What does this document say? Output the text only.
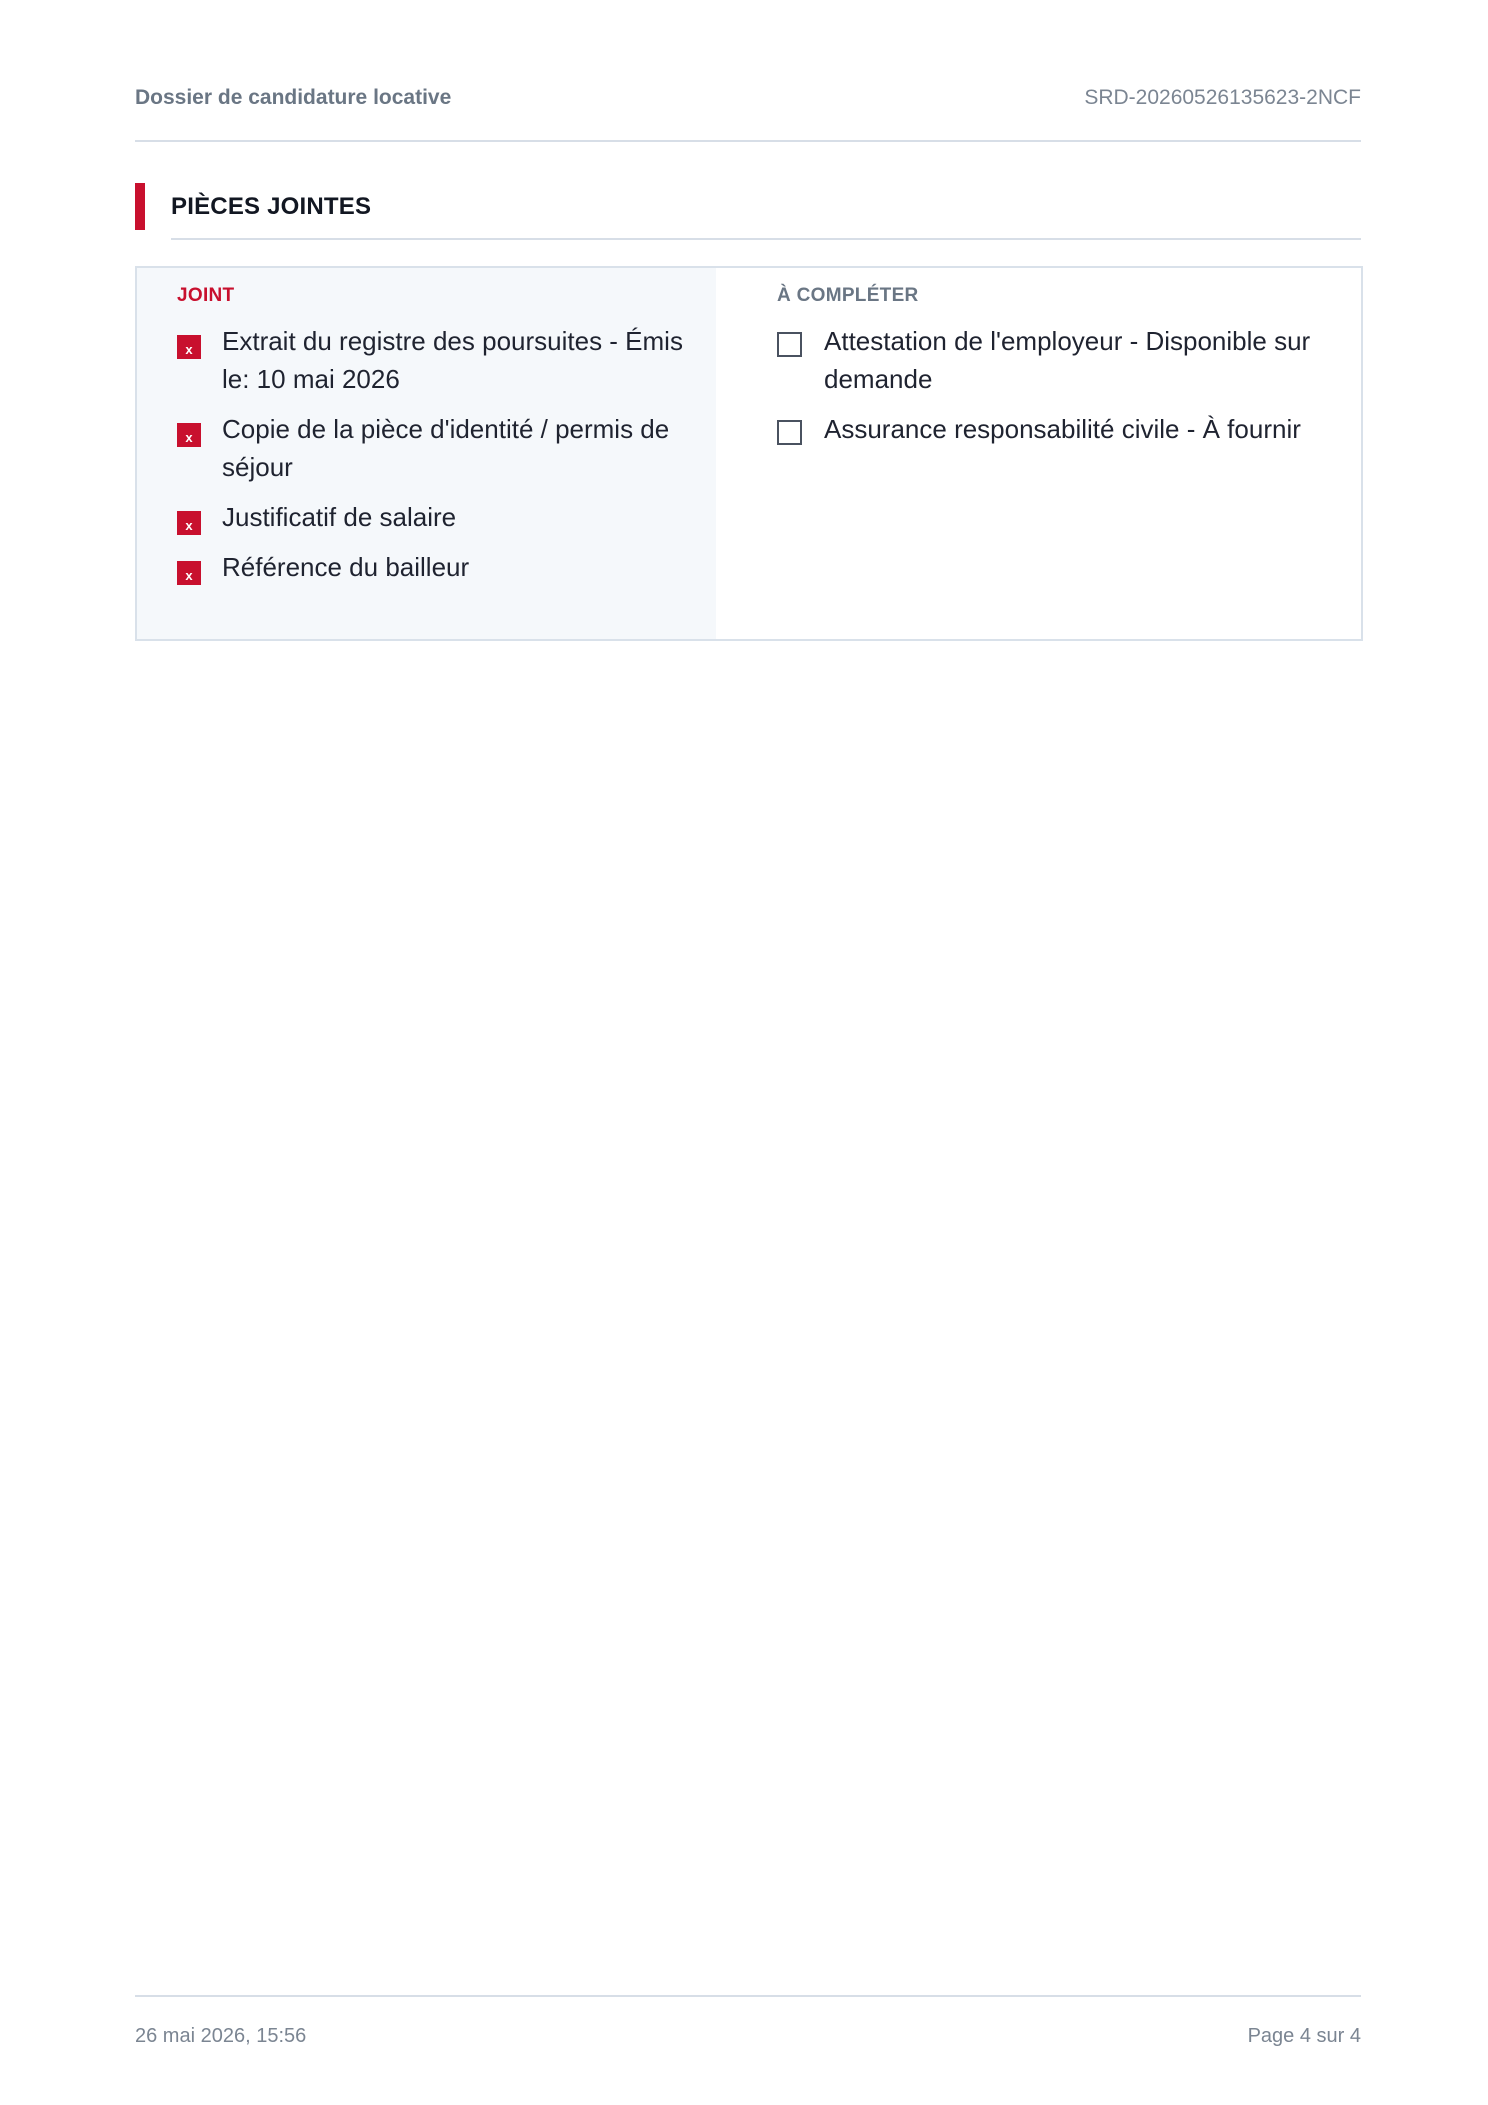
Dossier de candidature locative	SRD-20260526135623-2NCF
PIÈCES JOINTES
JOINT
x	Extrait du registre des poursuites - Émis le: 10 mai 2026
x	Copie de la pièce d'identité / permis de séjour
x	Justificatif de salaire
x	Référence du bailleur
À COMPLÉTER
Attestation de l'employeur - Disponible sur demande
Assurance responsabilité civile - À fournir
26 mai 2026, 15:56	Page 4 sur 4
